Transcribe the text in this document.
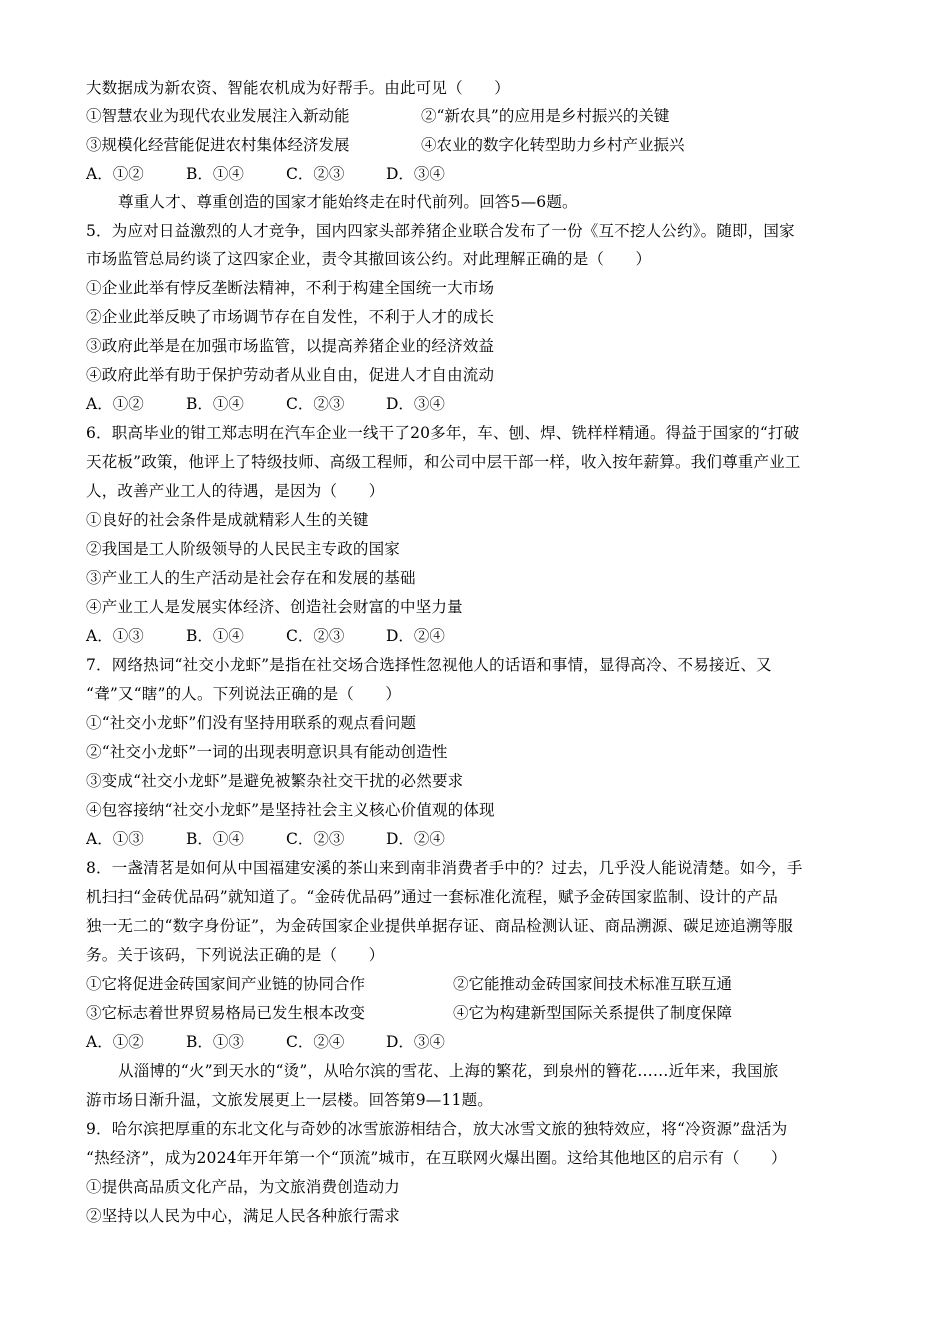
大数据成为新农资、智能农机成为好帮手。由此可见（　　）
①智慧农业为现代农业发展注入新动能	②“新农具”的应用是乡村振兴的关键
③规模化经营能促进农村集体经济发展	④农业的数字化转型助力乡村产业振兴
A．①②	B．①④	C．②③	D．③④
尊重人才、尊重创造的国家才能始终走在时代前列。回答5—6题。
5．为应对日益激烈的人才竞争，国内四家头部养猪企业联合发布了一份《互不挖人公约》。随即，国家
市场监管总局约谈了这四家企业，责令其撤回该公约。对此理解正确的是（　　）
①企业此举有悖反垄断法精神，不利于构建全国统一大市场
②企业此举反映了市场调节存在自发性，不利于人才的成长
③政府此举是在加强市场监管，以提高养猪企业的经济效益
④政府此举有助于保护劳动者从业自由，促进人才自由流动
A．①②	B．①④	C．②③	D．③④
6．职高毕业的钳工郑志明在汽车企业一线干了20多年，车、刨、焊、铣样样精通。得益于国家的“打破
天花板”政策，他评上了特级技师、高级工程师，和公司中层干部一样，收入按年薪算。我们尊重产业工
人，改善产业工人的待遇，是因为（　　）
①良好的社会条件是成就精彩人生的关键
②我国是工人阶级领导的人民民主专政的国家
③产业工人的生产活动是社会存在和发展的基础
④产业工人是发展实体经济、创造社会财富的中坚力量
A．①③	B．①④	C．②③	D．②④
7．网络热词“社交小龙虾”是指在社交场合选择性忽视他人的话语和事情，显得高冷、不易接近、又
“聋”又“瞎”的人。下列说法正确的是（　　）
①“社交小龙虾”们没有坚持用联系的观点看问题
②“社交小龙虾”一词的出现表明意识具有能动创造性
③变成“社交小龙虾”是避免被繁杂社交干扰的必然要求
④包容接纳“社交小龙虾”是坚持社会主义核心价值观的体现
A．①③	B．①④	C．②③	D．②④
8．一盏清茗是如何从中国福建安溪的茶山来到南非消费者手中的？过去，几乎没人能说清楚。如今，手
机扫扫“金砖优品码”就知道了。“金砖优品码”通过一套标准化流程，赋予金砖国家监制、设计的产品
独一无二的“数字身份证”，为金砖国家企业提供单据存证、商品检测认证、商品溯源、碳足迹追溯等服
务。关于该码，下列说法正确的是（　　）
①它将促进金砖国家间产业链的协同合作	②它能推动金砖国家间技术标准互联互通
③它标志着世界贸易格局已发生根本改变	④它为构建新型国际关系提供了制度保障
A．①②	B．①③	C．②④	D．③④
从淄博的“火”到天水的“烫”，从哈尔滨的雪花、上海的繁花，到泉州的簪花……近年来，我国旅
游市场日渐升温，文旅发展更上一层楼。回答第9—11题。
9．哈尔滨把厚重的东北文化与奇妙的冰雪旅游相结合，放大冰雪文旅的独特效应，将“冷资源”盘活为
“热经济”，成为2024年开年第一个“顶流”城市，在互联网火爆出圈。这给其他地区的启示有（　　）
①提供高品质文化产品，为文旅消费创造动力
②坚持以人民为中心，满足人民各种旅行需求
